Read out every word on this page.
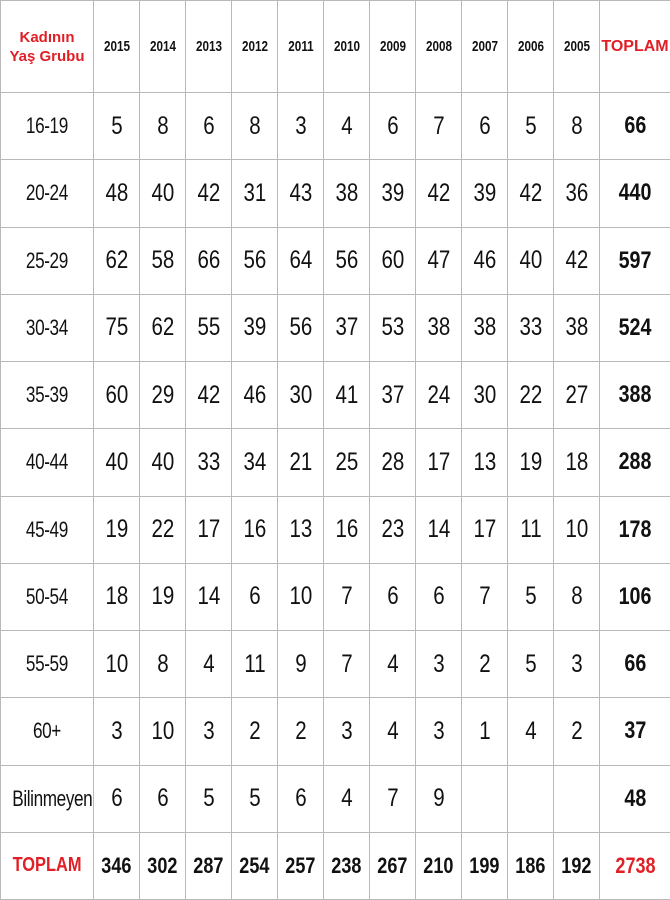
Kadının
Yaş Grubu	2015	2014	2013	2012	2011	2010	2009	2008	2007	2006	2005	TOPLAM
16-19	5	8	6	8	3	4	6	7	6	5	8	66
20-24	48	40	42	31	43	38	39	42	39	42	36	440
25-29	62	58	66	56	64	56	60	47	46	40	42	597
30-34	75	62	55	39	56	37	53	38	38	33	38	524
35-39	60	29	42	46	30	41	37	24	30	22	27	388
40-44	40	40	33	34	21	25	28	17	13	19	18	288
45-49	19	22	17	16	13	16	23	14	17	11	10	178
50-54	18	19	14	6	10	7	6	6	7	5	8	106
55-59	10	8	4	11	9	7	4	3	2	5	3	66
60+	3	10	3	2	2	3	4	3	1	4	2	37
Bilinmeyen	6	6	5	5	6	4	7	9				48
TOPLAM	346	302	287	254	257	238	267	210	199	186	192	2738
